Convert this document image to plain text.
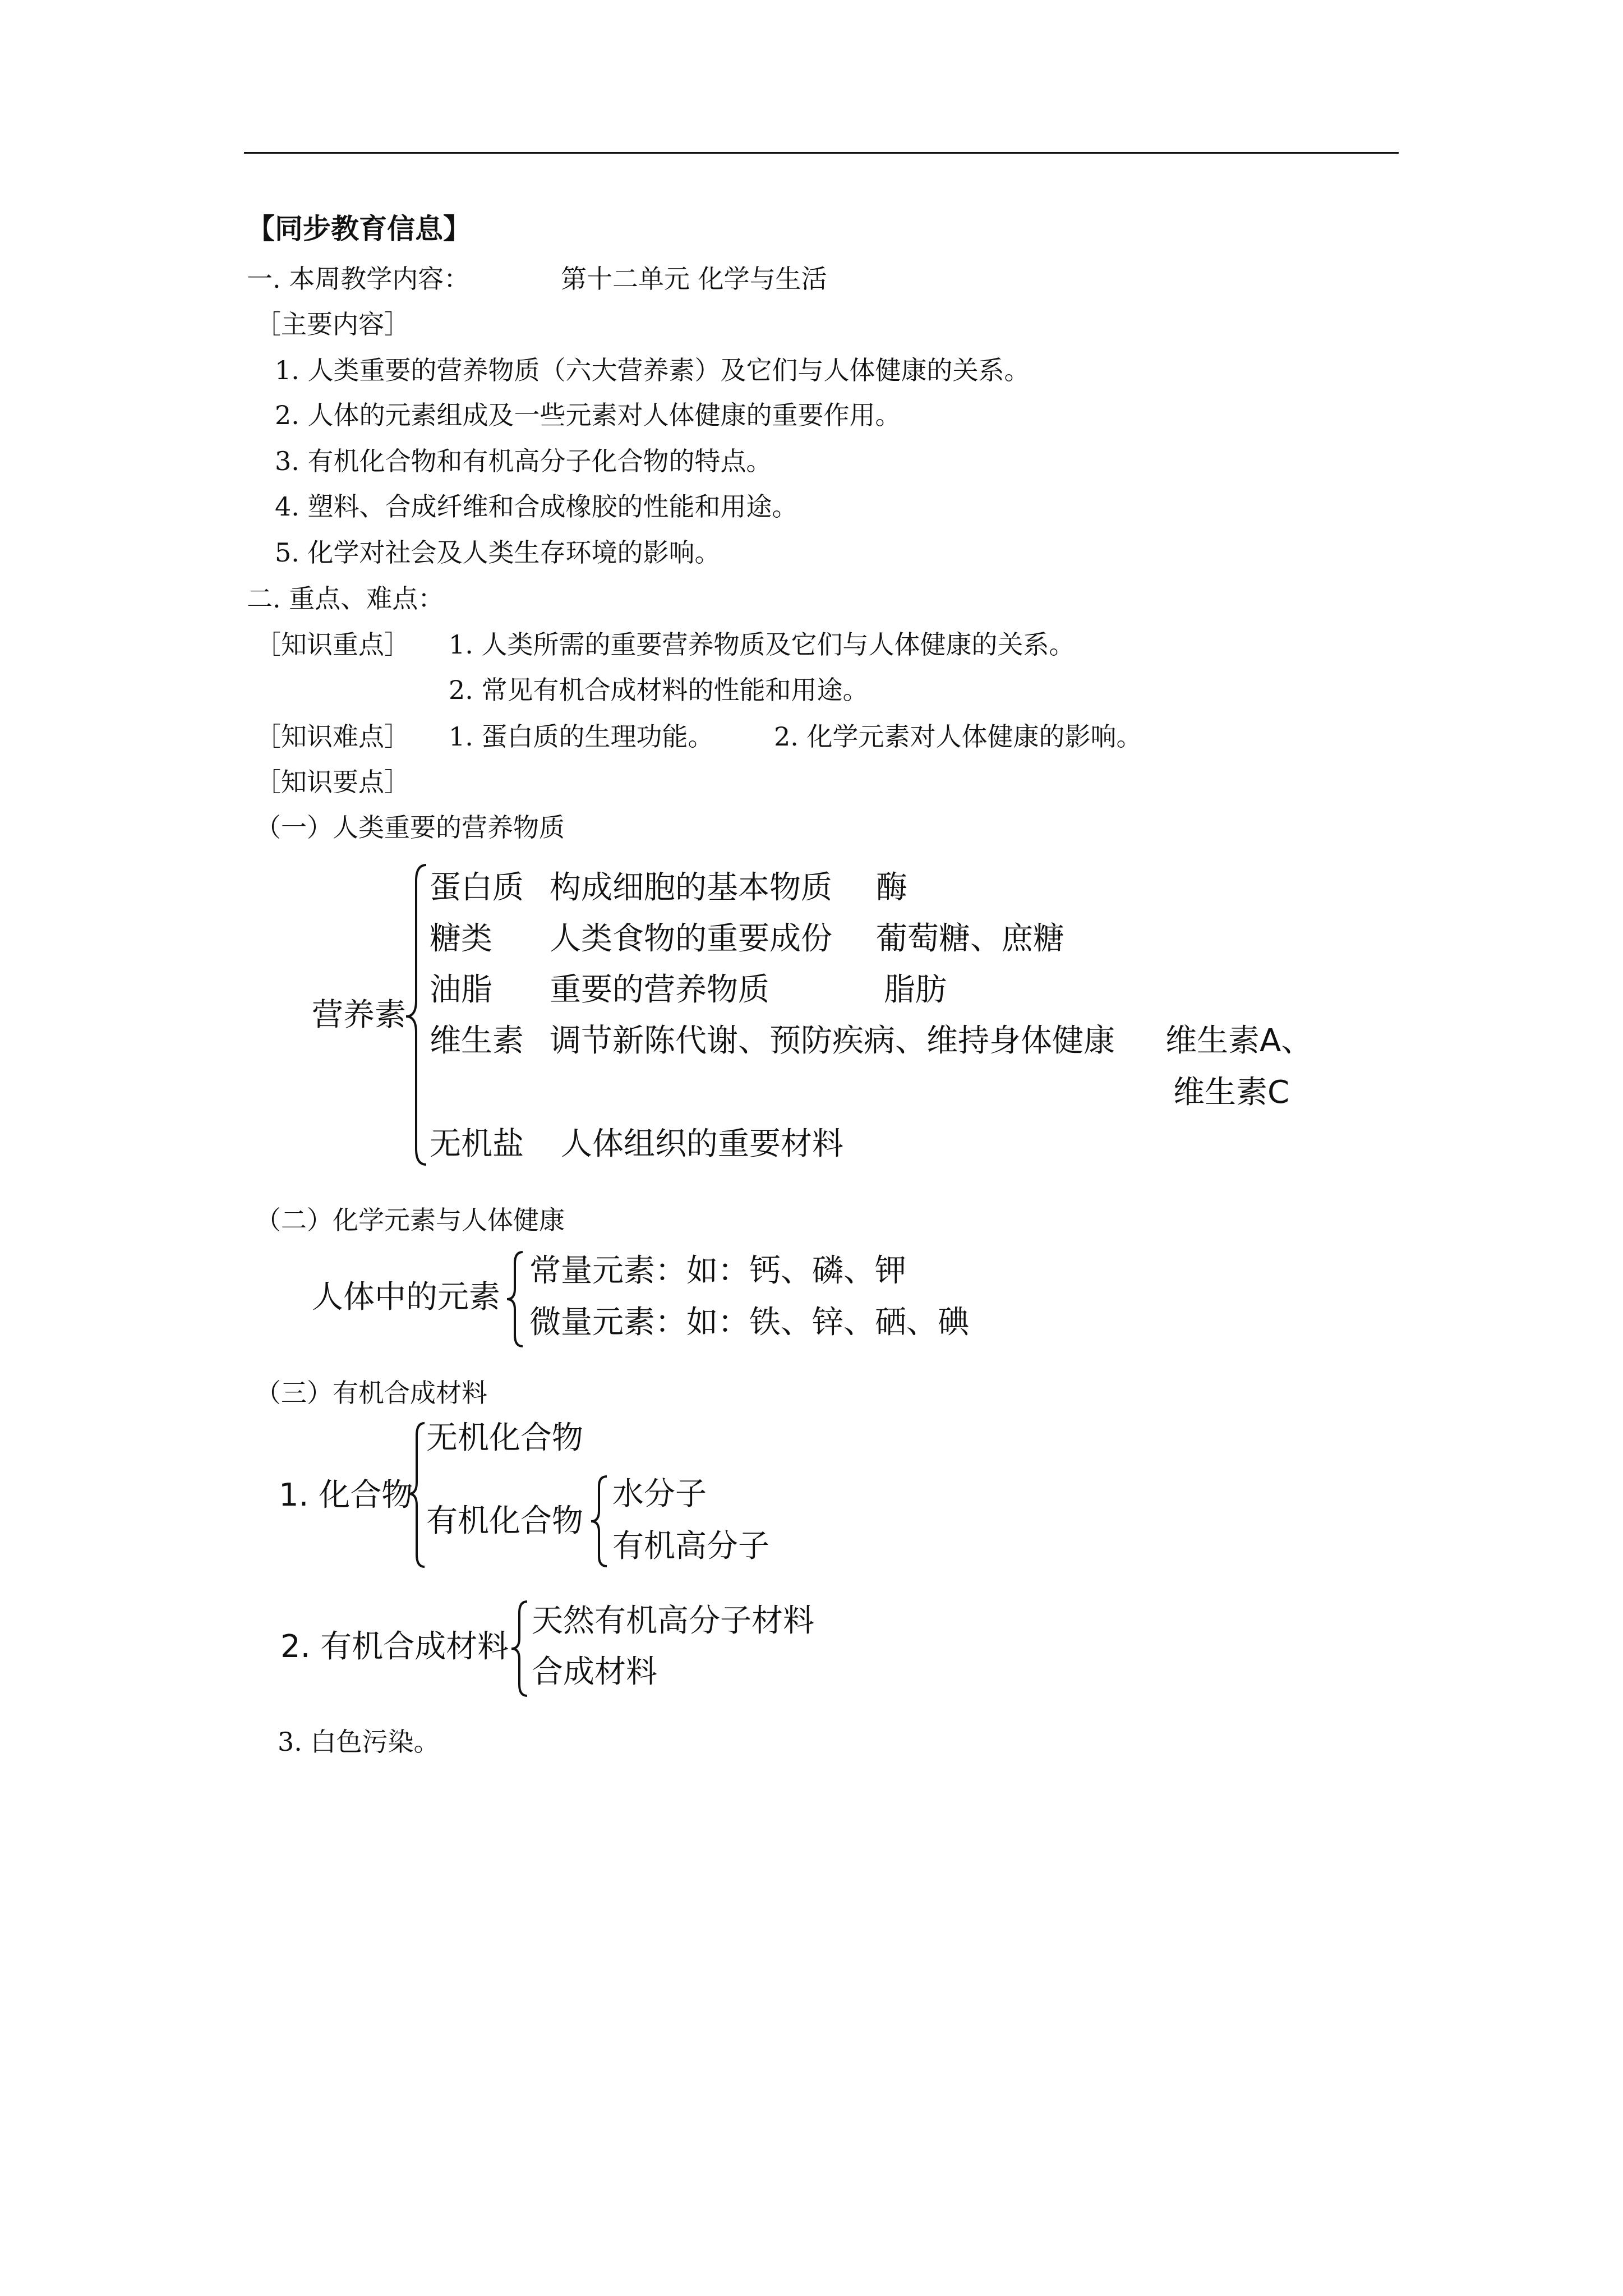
【同步教育信息】
一. 本周教学内容：	第十二单元 化学与生活
［主要内容］
1. 人类重要的营养物质（六大营养素）及它们与人体健康的关系。
2. 人体的元素组成及一些元素对人体健康的重要作用。
3. 有机化合物和有机高分子化合物的特点。
4. 塑料、合成纤维和合成橡胶的性能和用途。
5. 化学对社会及人类生存环境的影响。
二. 重点、难点：
［知识重点］ 1. 人类所需的重要营养物质及它们与人体健康的关系。
2. 常见有机合成材料的性能和用途。
［知识难点］ 1. 蛋白质的生理功能。 2. 化学元素对人体健康的影响。
［知识要点］
（一）人类重要的营养物质
营养素
蛋白质 构成细胞的基本物质 酶
糖类 人类食物的重要成份 葡萄糖、庶糖
油脂 重要的营养物质	脂肪
维生素 调节新陈代谢、预防疾病、维持身体健康 维生素A、
维生素C
无机盐 人体组织的重要材料
（二）化学元素与人体健康
人体中的元素
常量元素：如：钙、磷、钾
微量元素：如：铁、锌、硒、碘
（三）有机合成材料
1. 化合物
无机化合物
有机化合物
水分子
有机高分子
2. 有机合成材料
天然有机高分子材料
合成材料
3. 白色污染。
